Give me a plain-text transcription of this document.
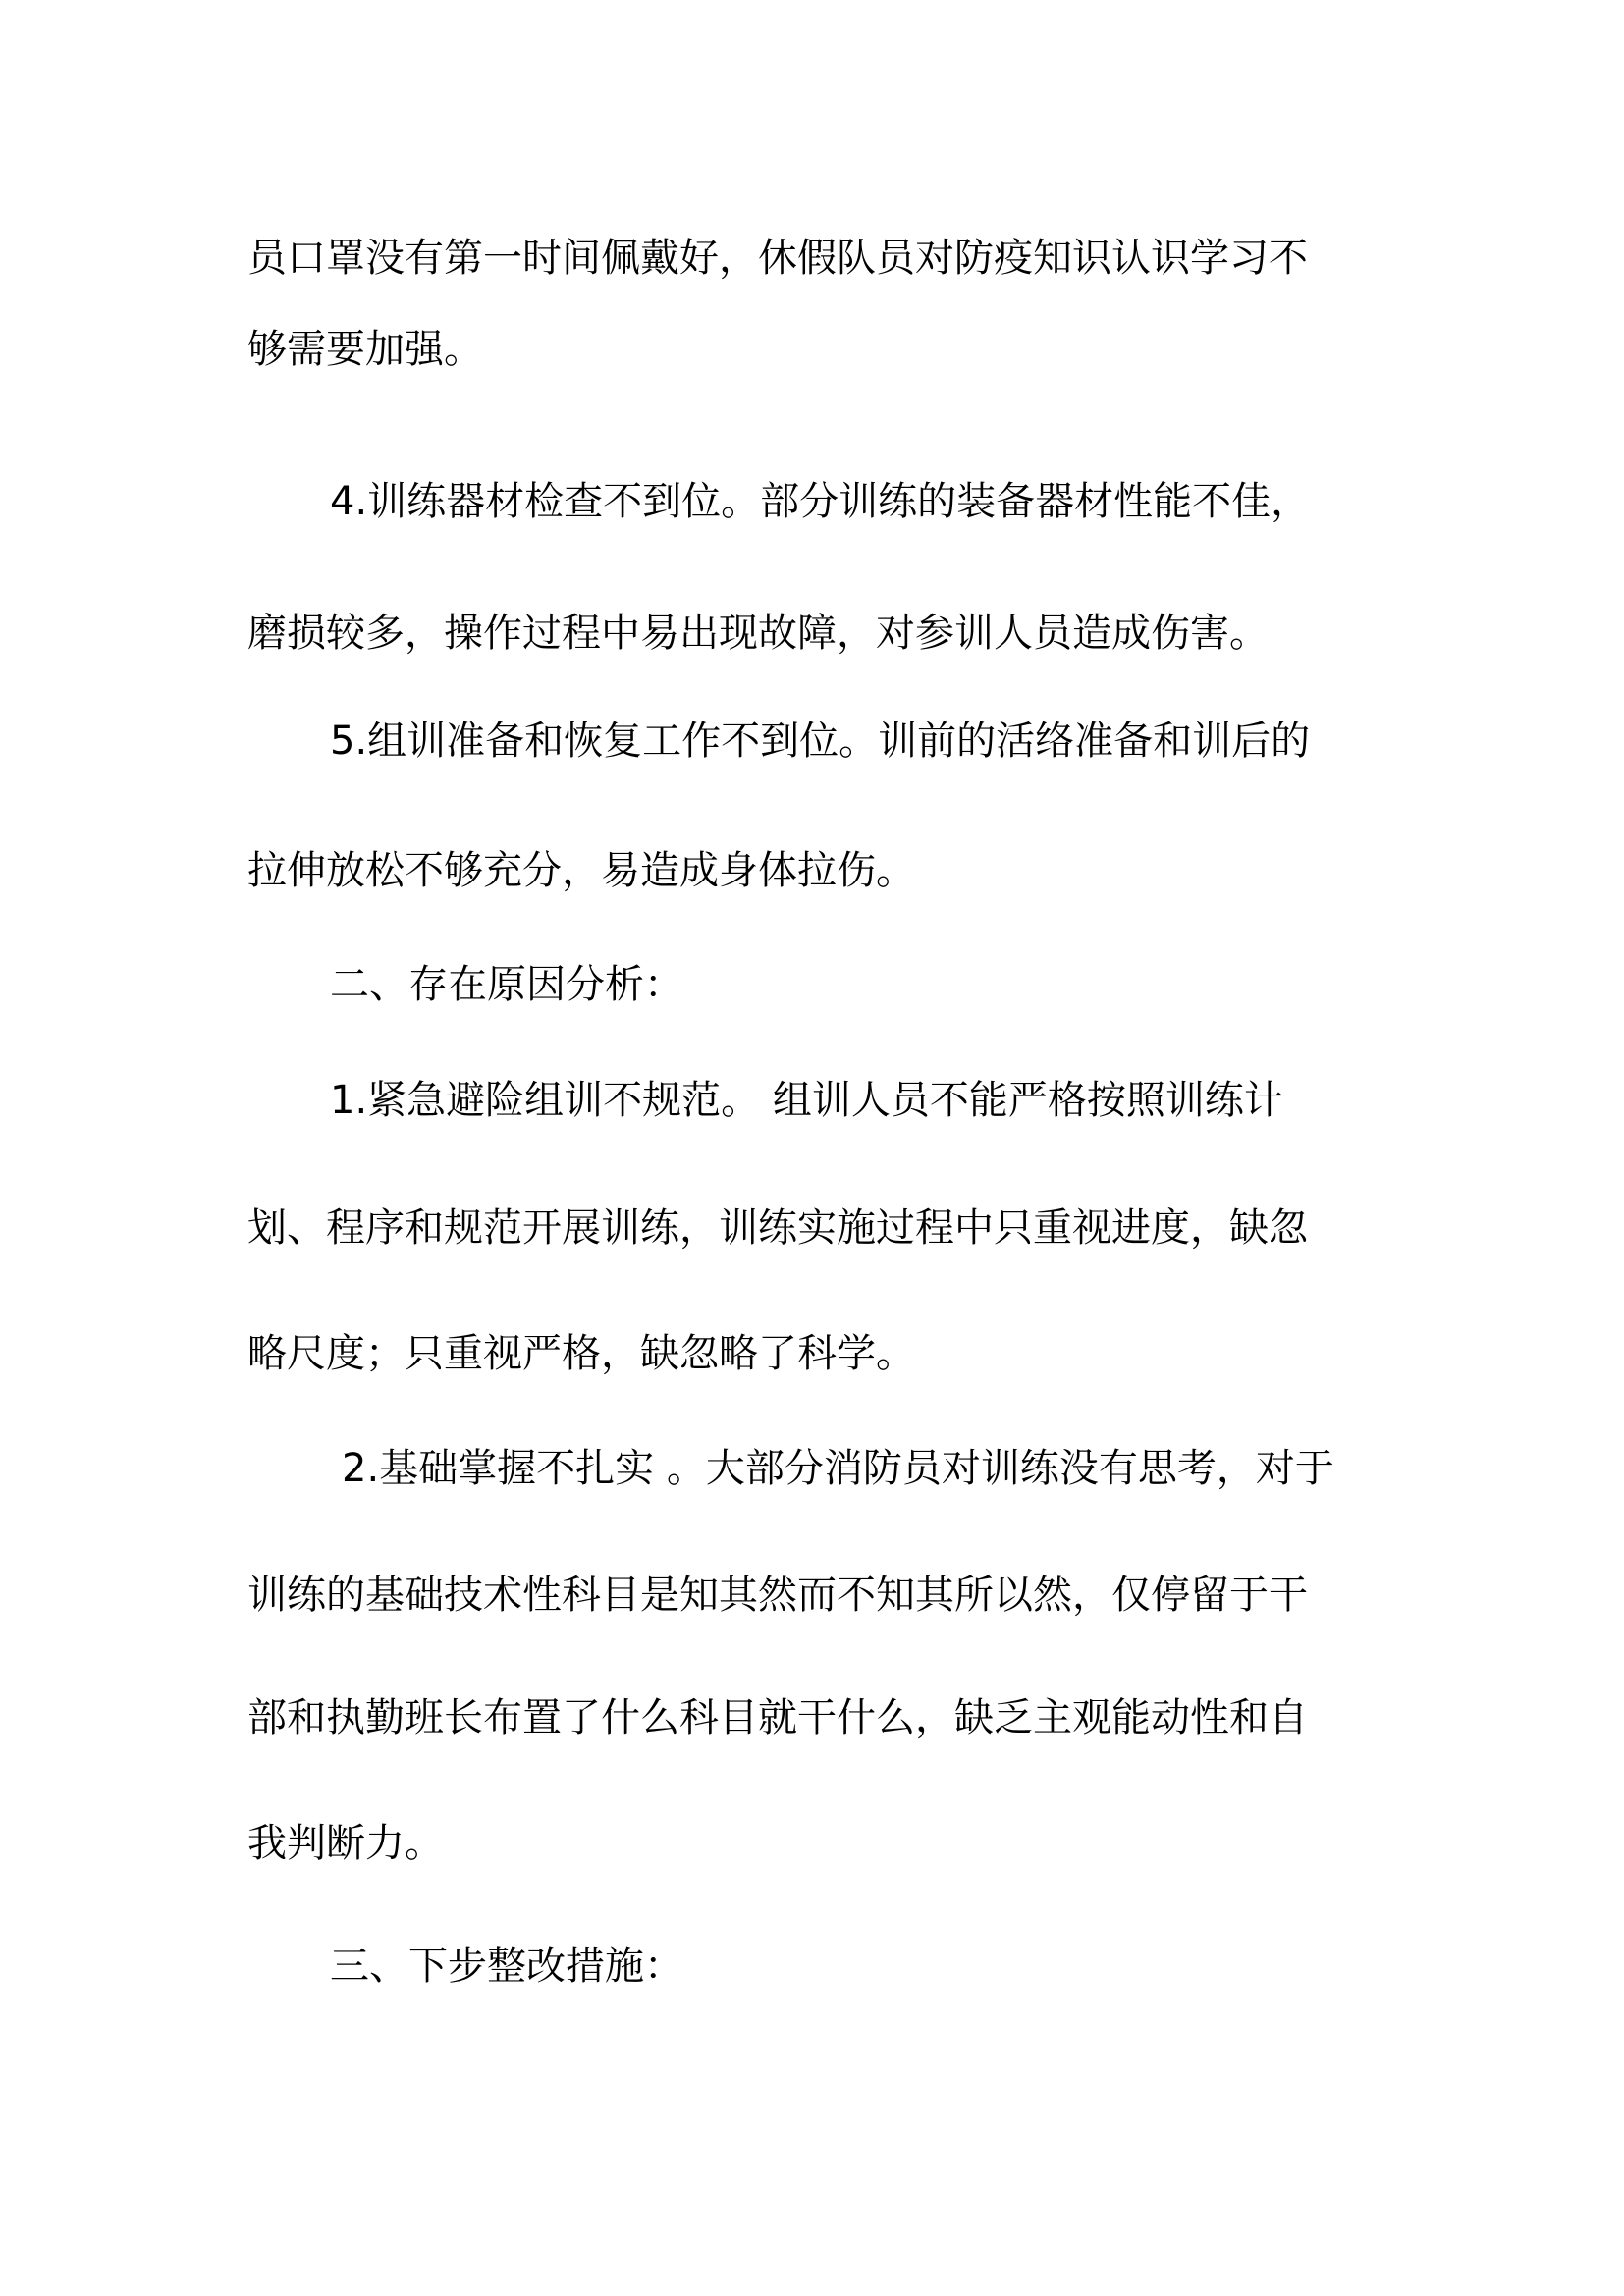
员口罩没有第一时间佩戴好，休假队员对防疫知识认识学习不
够需要加强。
4.训练器材检查不到位。部分训练的装备器材性能不佳，
磨损较多，操作过程中易出现故障，对参训人员造成伤害。
5.组训准备和恢复工作不到位。训前的活络准备和训后的
拉伸放松不够充分，易造成身体拉伤。
二、存在原因分析：
1.紧急避险组训不规范。 组训人员不能严格按照训练计
划、程序和规范开展训练，训练实施过程中只重视进度，缺忽
略尺度；只重视严格，缺忽略了科学。
2.基础掌握不扎实 。大部分消防员对训练没有思考，对于
训练的基础技术性科目是知其然而不知其所以然，仅停留于干
部和执勤班长布置了什么科目就干什么，缺乏主观能动性和自
我判断力。
三、下步整改措施：
